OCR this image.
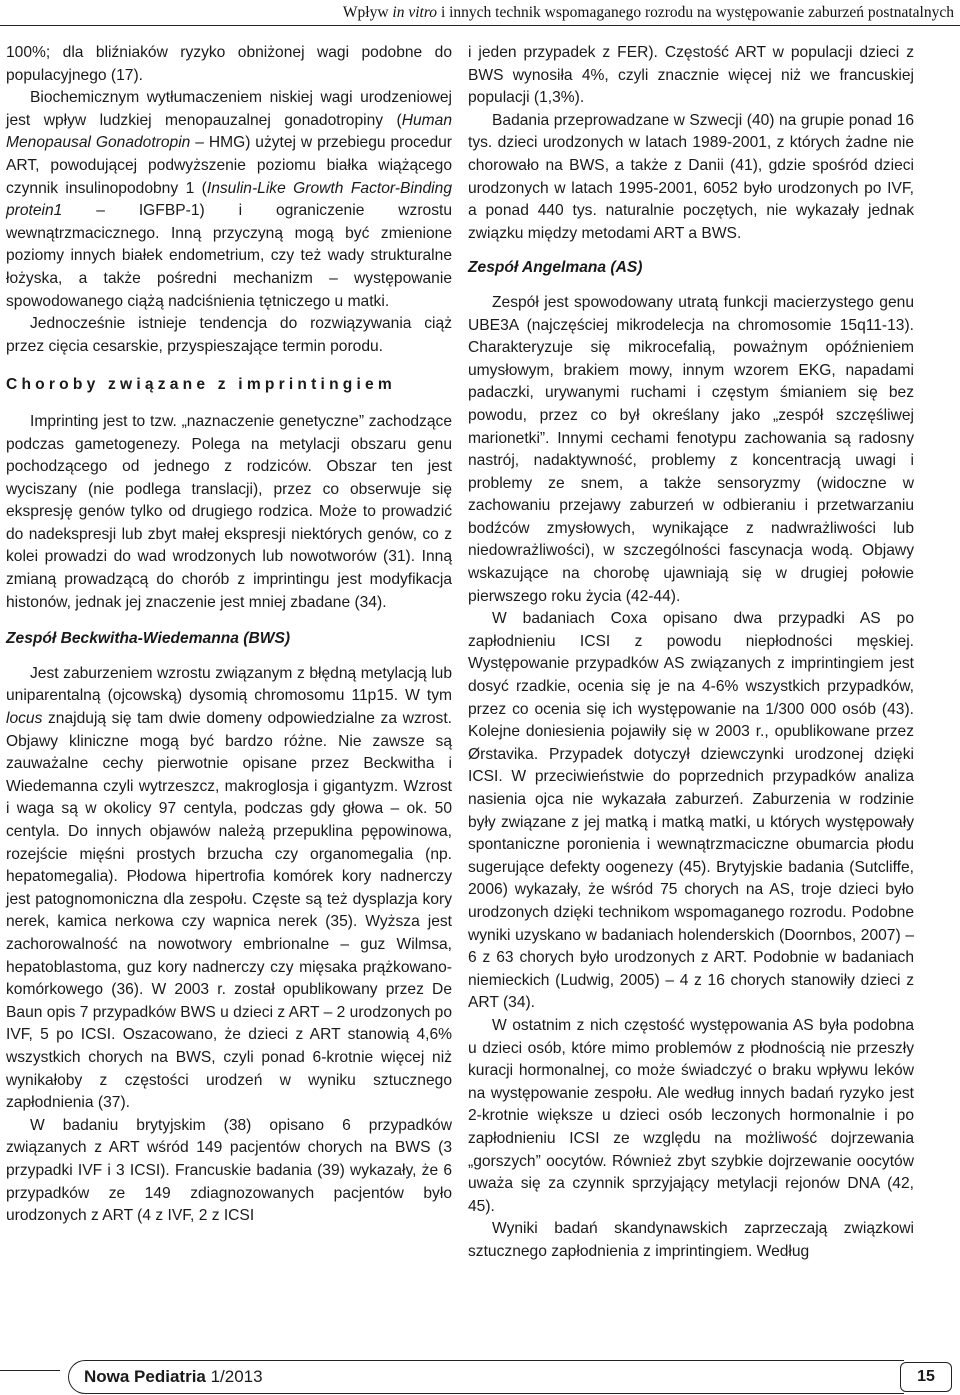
Wpływ in vitro i innych technik wspomaganego rozrodu na występowanie zaburzeń postnatalnych

100%; dla bliźniaków ryzyko obniżonej wagi podobne do populacyjnego (17).

Biochemicznym wytłumaczeniem niskiej wagi urodzeniowej jest wpływ ludzkiej menopauzalnej gonadotropiny (Human Menopausal Gonadotropin – HMG) użytej w przebiegu procedur ART, powodującej podwyższenie poziomu białka wiążącego czynnik insulinopodobny 1 (Insulin-Like Growth Factor-Binding protein1 – IGFBP-1) i ograniczenie wzrostu wewnątrzmacicznego. Inną przyczyną mogą być zmienione poziomy innych białek endometrium, czy też wady strukturalne łożyska, a także pośredni mechanizm – występowanie spowodowanego ciążą nadciśnienia tętniczego u matki.

Jednocześnie istnieje tendencja do rozwiązywania ciąż przez cięcia cesarskie, przyspieszające termin porodu.

Choroby związane z imprintingiem

Imprinting jest to tzw. „naznaczenie genetyczne” zachodzące podczas gametogenezy. Polega na metylacji obszaru genu pochodzącego od jednego z rodziców. Obszar ten jest wyciszany (nie podlega translacji), przez co obserwuje się ekspresję genów tylko od drugiego rodzica. Może to prowadzić do nadekspresji lub zbyt małej ekspresji niektórych genów, co z kolei prowadzi do wad wrodzonych lub nowotworów (31). Inną zmianą prowadzącą do chorób z imprintingu jest modyfikacja histonów, jednak jej znaczenie jest mniej zbadane (34).

Zespół Beckwitha-Wiedemanna (BWS)

Jest zaburzeniem wzrostu związanym z błędną metylacją lub uniparentalną (ojcowską) dysomią chromosomu 11p15. W tym locus znajdują się tam dwie domeny odpowiedzialne za wzrost. Objawy kliniczne mogą być bardzo różne. Nie zawsze są zauważalne cechy pierwotnie opisane przez Beckwitha i Wiedemanna czyli wytrzeszcz, makroglosja i gigantyzm. Wzrost i waga są w okolicy 97 centyla, podczas gdy głowa – ok. 50 centyla. Do innych objawów należą przepuklina pępowinowa, rozejście mięśni prostych brzucha czy organomegalia (np. hepatomegalia). Płodowa hipertrofia komórek kory nadnerczy jest patognomoniczna dla zespołu. Częste są też dysplazja kory nerek, kamica nerkowa czy wapnica nerek (35). Wyższa jest zachorowalność na nowotwory embrionalne – guz Wilmsa, hepatoblastoma, guz kory nadnerczy czy mięsaka prążkowano-komórkowego (36). W 2003 r. został opublikowany przez De Baun opis 7 przypadków BWS u dzieci z ART – 2 urodzonych po IVF, 5 po ICSI. Oszacowano, że dzieci z ART stanowią 4,6% wszystkich chorych na BWS, czyli ponad 6-krotnie więcej niż wynikałoby z częstości urodzeń w wyniku sztucznego zapłodnienia (37).

W badaniu brytyjskim (38) opisano 6 przypadków związanych z ART wśród 149 pacjentów chorych na BWS (3 przypadki IVF i 3 ICSI). Francuskie badania (39) wykazały, że 6 przypadków ze 149 zdiagnozowanych pacjentów było urodzonych z ART (4 z IVF, 2 z ICSI

i jeden przypadek z FER). Częstość ART w populacji dzieci z BWS wynosiła 4%, czyli znacznie więcej niż we francuskiej populacji (1,3%).

Badania przeprowadzane w Szwecji (40) na grupie ponad 16 tys. dzieci urodzonych w latach 1989-2001, z których żadne nie chorowało na BWS, a także z Danii (41), gdzie spośród dzieci urodzonych w latach 1995-2001, 6052 było urodzonych po IVF, a ponad 440 tys. naturalnie poczętych, nie wykazały jednak związku między metodami ART a BWS.

Zespół Angelmana (AS)

Zespół jest spowodowany utratą funkcji macierzystego genu UBE3A (najczęściej mikrodelecja na chromosomie 15q11-13). Charakteryzuje się mikrocefalią, poważnym opóźnieniem umysłowym, brakiem mowy, innym wzorem EKG, napadami padaczki, urywanymi ruchami i częstym śmianiem się bez powodu, przez co był określany jako „zespół szczęśliwej marionetki”. Innymi cechami fenotypu zachowania są radosny nastrój, nadaktywność, problemy z koncentracją uwagi i problemy ze snem, a także sensoryzmy (widoczne w zachowaniu przejawy zaburzeń w odbieraniu i przetwarzaniu bodźców zmysłowych, wynikające z nadwrażliwości lub niedowrażliwości), w szczególności fascynacja wodą. Objawy wskazujące na chorobę ujawniają się w drugiej połowie pierwszego roku życia (42-44).

W badaniach Coxa opisano dwa przypadki AS po zapłodnieniu ICSI z powodu niepłodności męskiej. Występowanie przypadków AS związanych z imprintingiem jest dosyć rzadkie, ocenia się je na 4-6% wszystkich przypadków, przez co ocenia się ich występowanie na 1/300 000 osób (43). Kolejne doniesienia pojawiły się w 2003 r., opublikowane przez Ørstavika. Przypadek dotyczył dziewczynki urodzonej dzięki ICSI. W przeciwieństwie do poprzednich przypadków analiza nasienia ojca nie wykazała zaburzeń. Zaburzenia w rodzinie były związane z jej matką i matką matki, u których występowały spontaniczne poronienia i wewnątrzmaciczne obumarcia płodu sugerujące defekty oogenezy (45). Brytyjskie badania (Sutcliffe, 2006) wykazały, że wśród 75 chorych na AS, troje dzieci było urodzonych dzięki technikom wspomaganego rozrodu. Podobne wyniki uzyskano w badaniach holenderskich (Doornbos, 2007) – 6 z 63 chorych było urodzonych z ART. Podobnie w badaniach niemieckich (Ludwig, 2005) – 4 z 16 chorych stanowiły dzieci z ART (34).

W ostatnim z nich częstość występowania AS była podobna u dzieci osób, które mimo problemów z płodnością nie przeszły kuracji hormonalnej, co może świadczyć o braku wpływu leków na występowanie zespołu. Ale według innych badań ryzyko jest 2-krotnie większe u dzieci osób leczonych hormonalnie i po zapłodnieniu ICSI ze względu na możliwość dojrzewania „gorszych” oocytów. Również zbyt szybkie dojrzewanie oocytów uważa się za czynnik sprzyjający metylacji rejonów DNA (42, 45).

Wyniki badań skandynawskich zaprzeczają związkowi sztucznego zapłodnienia z imprintingiem. Według

Nowa Pediatria 1/2013	15
